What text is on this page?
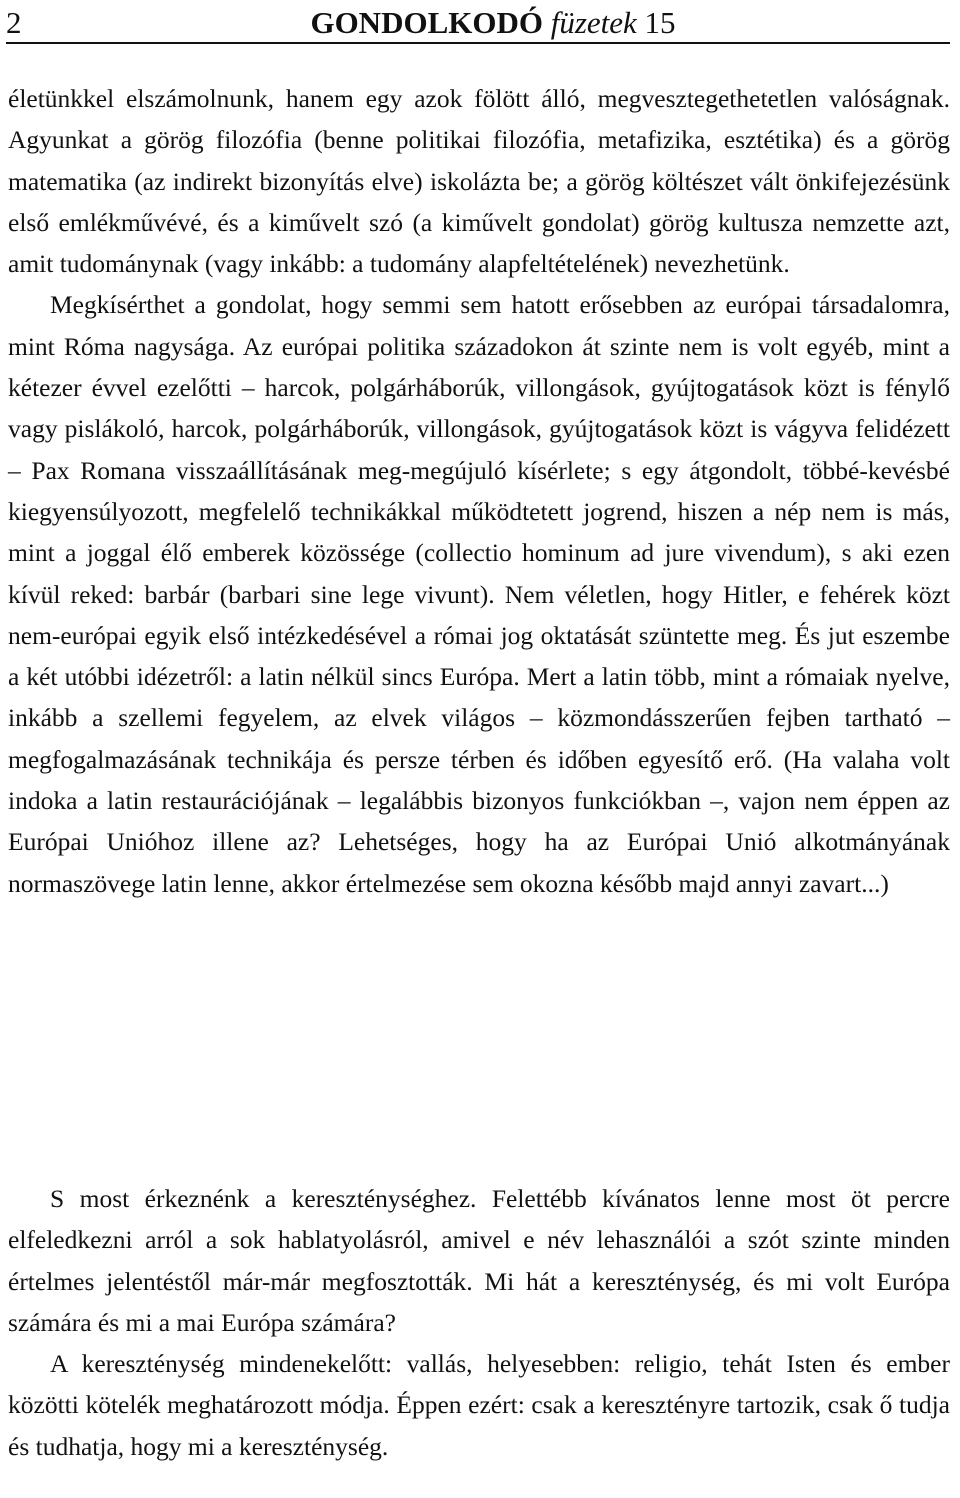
2	GONDOLKODÓ füzetek 15

életünkkel elszámolnunk, hanem egy azok fölött álló, megvesztegethetetlen valóságnak. Agyunkat a görög filozófia (benne politikai filozófia, metafizika, esztétika) és a görög matematika (az indirekt bizonyítás elve) iskolázta be; a görög költészet vált önkifejezésünk első emlékművévé, és a kiművelt szó (a kiművelt gondolat) görög kultusza nemzette azt, amit tudománynak (vagy inkább: a tudomány alapfeltételének) nevezhetünk.

Megkísérthet a gondolat, hogy semmi sem hatott erősebben az európai társadalomra, mint Róma nagysága. Az európai politika századokon át szinte nem is volt egyéb, mint a kétezer évvel ezelőtti – harcok, polgárháborúk, villongások, gyújtogatások közt is fénylő vagy pislákoló, harcok, polgárháborúk, villongások, gyújtogatások közt is vágyva felidézett – Pax Romana visszaállításának meg-megújuló kísérlete; s egy átgondolt, többé-kevésbé kiegyensúlyozott, megfelelő technikákkal működtetett jogrend, hiszen a nép nem is más, mint a joggal élő emberek közössége (collectio hominum ad jure vivendum), s aki ezen kívül reked: barbár (barbari sine lege vivunt). Nem véletlen, hogy Hitler, e fehérek közt nem-európai egyik első intézkedésével a római jog oktatását szüntette meg. És jut eszembe a két utóbbi idézetről: a latin nélkül sincs Európa. Mert a latin több, mint a rómaiak nyelve, inkább a szellemi fegyelem, az elvek világos – közmondásszerűen fejben tartható – megfogalmazásának technikája és persze térben és időben egyesítő erő. (Ha valaha volt indoka a latin restaurációjának – legalábbis bizonyos funkciókban –, vajon nem éppen az Európai Unióhoz illene az? Lehetséges, hogy ha az Európai Unió alkotmányának normaszövege latin lenne, akkor értelmezése sem okozna később majd annyi zavart...)

S most érkeznénk a kereszténységhez. Felettébb kívánatos lenne most öt percre elfeledkezni arról a sok hablatyolásról, amivel e név lehasználói a szót szinte minden értelmes jelentéstől már-már megfosztották. Mi hát a kereszténység, és mi volt Európa számára és mi a mai Európa számára?

A kereszténység mindenekelőtt: vallás, helyesebben: religio, tehát Isten és ember közötti kötelék meghatározott módja. Éppen ezért: csak a keresztényre tartozik, csak ő tudja és tudhatja, hogy mi a kereszténység.
